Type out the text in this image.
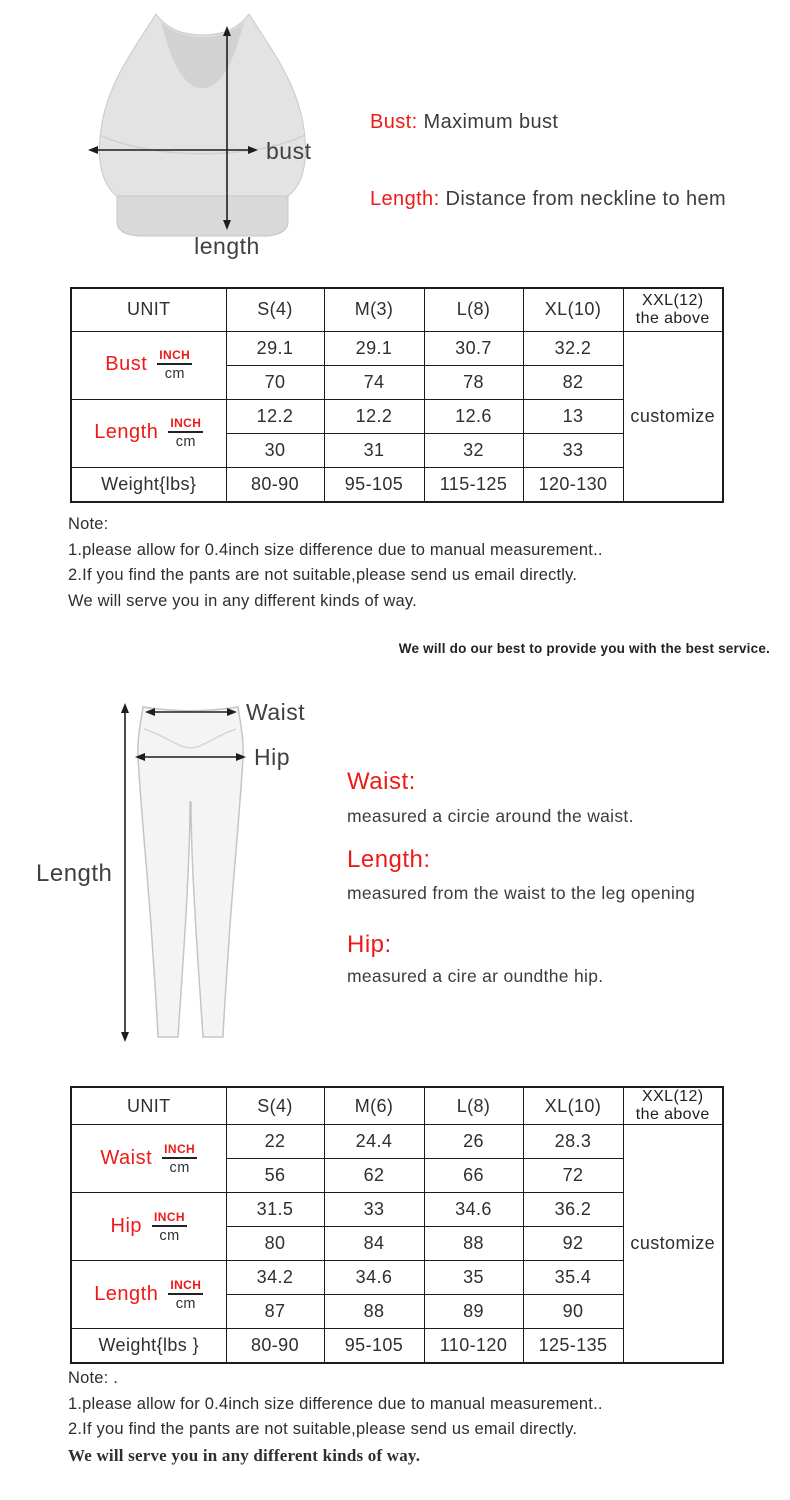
bust
length
Bust: Maximum bust
Length: Distance from neckline to hem
UNIT	S(4)	M(3)	L(8)	XL(10)	XXL(12)
the above

Bust $\frac{\text{INCH}}{cm}$	29.1	29.1	30.7	32.2	customize
	70	74	78	82	
Length $\frac{\text{INCH}}{cm}$	12.2	12.2	12.6	13	
	30	31	32	33	
Weight{lbs}	80-90	95-105	115-125	120-130	
Note:
1.please allow for 0.4inch size difference due to manual measurement..
2.If you find the pants are not suitable,please send us email directly.
We will serve you in any different kinds of way.
We will do our best to provide you with the best service.
Waist
Hip
Length
Waist:
measured a circie around the waist.
Length:
measured from the waist to the leg opening
Hip:
measured a cire ar oundthe hip.
UNIT	S(4)	M(6)	L(8)	XL(10)	XXL(12)
the above

Waist $\frac{\text{INCH}}{cm}$	22	24.4	26	28.3	customize
	56	62	66	72	
Hip $\frac{\text{INCH}}{cm}$	31.5	33	34.6	36.2	
	80	84	88	92	
Length $\frac{\text{INCH}}{cm}$	34.2	34.6	35	35.4	
	87	88	89	90	
Weight{lbs }	80-90	95-105	110-120	125-135	
Note: .
1.please allow for 0.4inch size difference due to manual measurement..
2.If you find the pants are not suitable,please send us email directly.
We will serve you in any different kinds of way.
